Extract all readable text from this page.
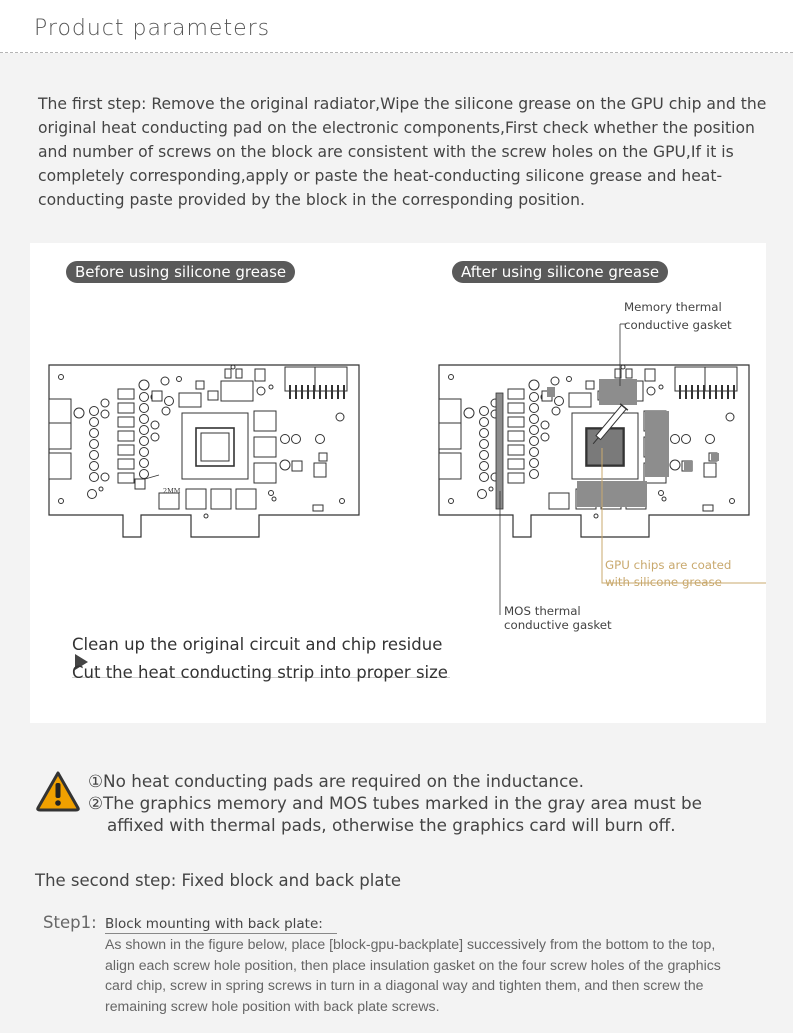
Product parameters
The first step: Remove the original radiator,Wipe the silicone grease on the GPU chip and the original heat conducting pad on the electronic components,First check whether the position and number of screws on the block are consistent with the screw holes on the GPU,If it is completely corresponding,apply or paste the heat-conducting silicone grease and heat-conducting paste provided by the block in the corresponding position.
2MM
Memory thermal
conductive gasket
GPU chips are coated
with silicone grease
MOS thermal
conductive gasket
Before using silicone grease	After using silicone grease
Clean up the original circuit and chip residue
Cut the heat conducting strip into proper size
①No heat conducting pads are required on the inductance.
②The graphics memory and MOS tubes marked in the gray area must be
affixed with thermal pads, otherwise the graphics card will burn off.
The second step: Fixed block and back plate
Step1: Block mounting with back plate:
As shown in the figure below, place [block-gpu-backplate] successively from the bottom to the top, align each screw hole position, then place insulation gasket on the four screw holes of the graphics card chip, screw in spring screws in turn in a diagonal way and tighten them, and then screw the remaining screw hole position with back plate screws.
